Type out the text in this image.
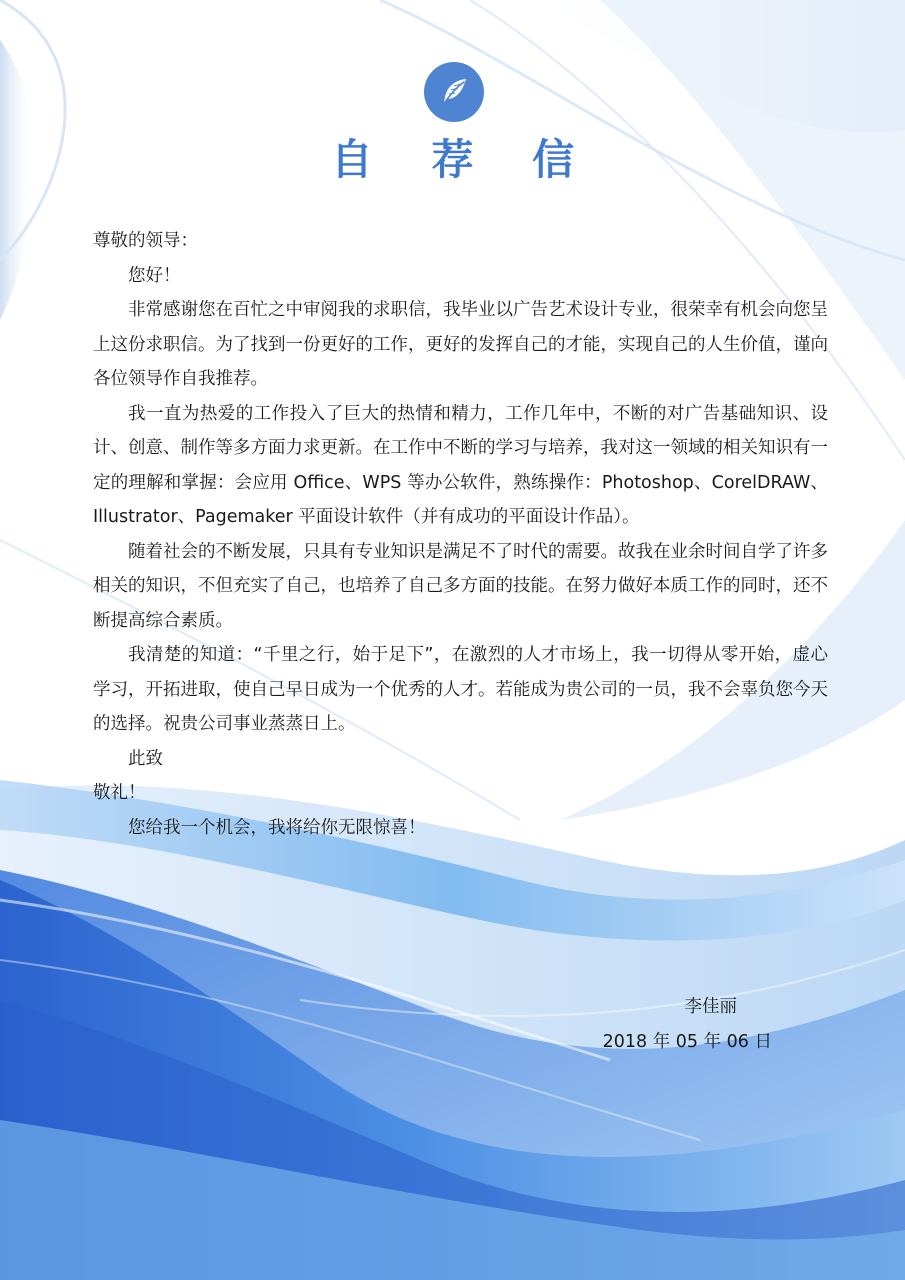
自 荐 信

尊敬的领导：

您好！

非常感谢您在百忙之中审阅我的求职信，我毕业以广告艺术设计专业，很荣幸有机会向您呈上这份求职信。为了找到一份更好的工作，更好的发挥自己的才能，实现自己的人生价值，谨向各位领导作自我推荐。

我一直为热爱的工作投入了巨大的热情和精力，工作几年中，不断的对广告基础知识、设计、创意、制作等多方面力求更新。在工作中不断的学习与培养，我对这一领域的相关知识有一定的理解和掌握：会应用 Office、WPS 等办公软件，熟练操作：Photoshop、CorelDRAW、Illustrator、Pagemaker 平面设计软件（并有成功的平面设计作品）。

随着社会的不断发展，只具有专业知识是满足不了时代的需要。故我在业余时间自学了许多相关的知识，不但充实了自己，也培养了自己多方面的技能。在努力做好本质工作的同时，还不断提高综合素质。

我清楚的知道：“千里之行，始于足下”，在激烈的人才市场上，我一切得从零开始，虚心学习，开拓进取，使自己早日成为一个优秀的人才。若能成为贵公司的一员，我不会辜负您今天的选择。祝贵公司事业蒸蒸日上。

此致

敬礼！

您给我一个机会，我将给你无限惊喜！

李佳丽
2018 年 05 年 06 日
